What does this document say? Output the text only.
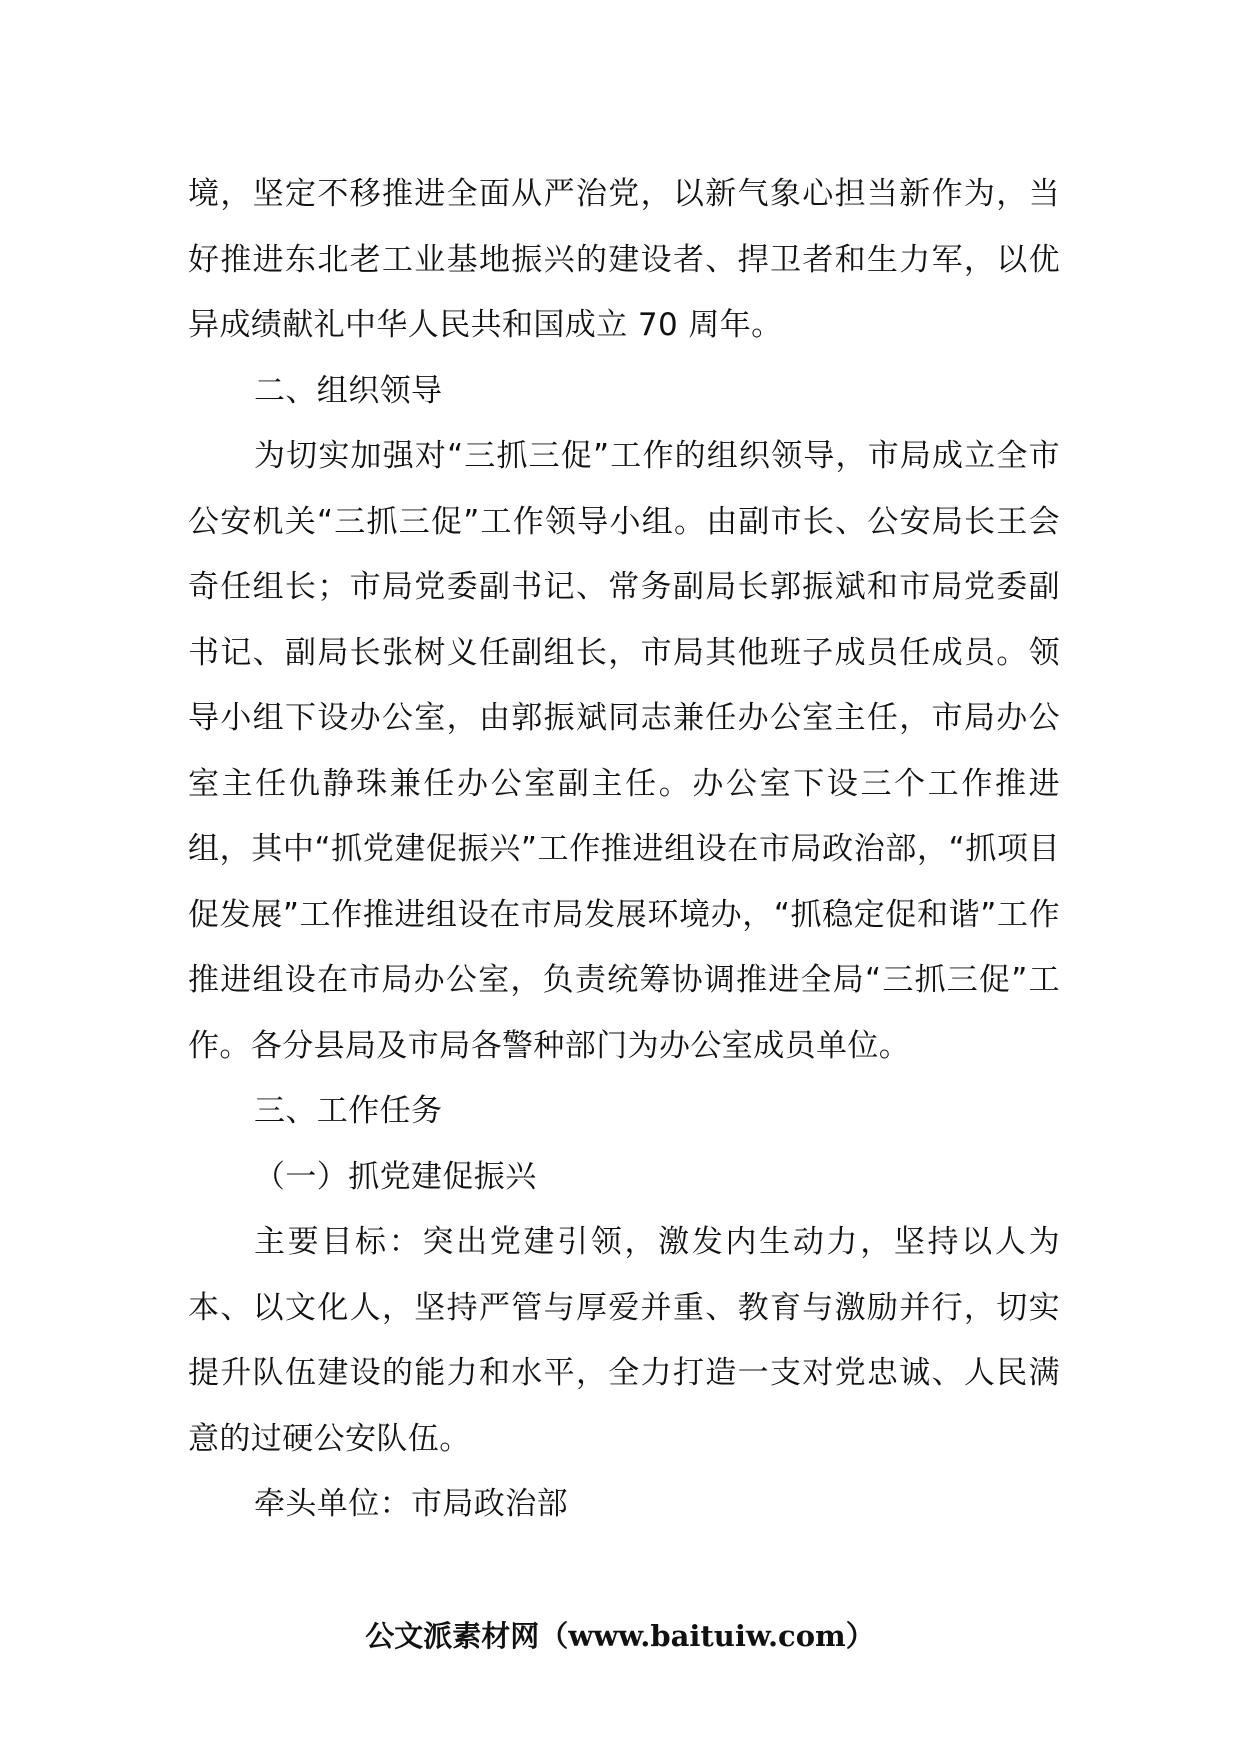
境，坚定不移推进全面从严治党，以新气象心担当新作为，当好推进东北老工业基地振兴的建设者、捍卫者和生力军，以优异成绩献礼中华人民共和国成立 70 周年。

二、组织领导

为切实加强对“三抓三促”工作的组织领导，市局成立全市公安机关“三抓三促”工作领导小组。由副市长、公安局长王会奇任组长；市局党委副书记、常务副局长郭振斌和市局党委副书记、副局长张树义任副组长，市局其他班子成员任成员。领导小组下设办公室，由郭振斌同志兼任办公室主任，市局办公室主任仇静珠兼任办公室副主任。办公室下设三个工作推进组，其中“抓党建促振兴”工作推进组设在市局政治部，“抓项目促发展”工作推进组设在市局发展环境办，“抓稳定促和谐”工作推进组设在市局办公室，负责统筹协调推进全局“三抓三促”工作。各分县局及市局各警种部门为办公室成员单位。

三、工作任务

（一）抓党建促振兴

主要目标：突出党建引领，激发内生动力，坚持以人为本、以文化人，坚持严管与厚爱并重、教育与激励并行，切实提升队伍建设的能力和水平，全力打造一支对党忠诚、人民满意的过硬公安队伍。

牵头单位：市局政治部

公文派素材网（www.baituiw.com）
